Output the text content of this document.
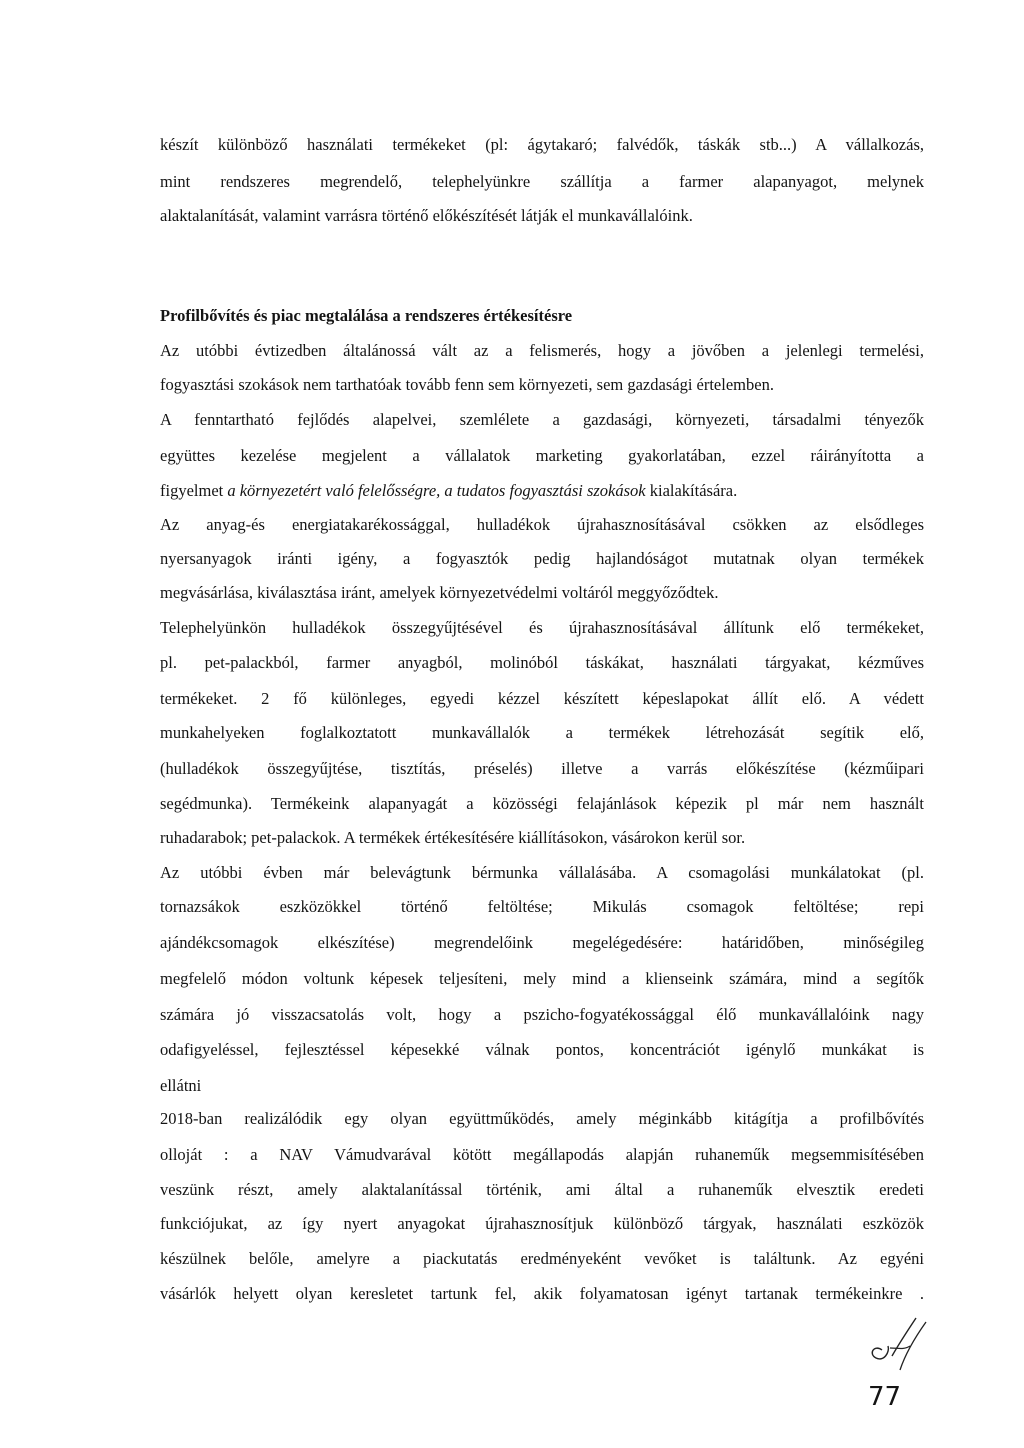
készít különböző használati termékeket (pl: ágytakaró; falvédők, táskák stb...) A vállalkozás,
mint rendszeres megrendelő, telephelyünkre szállítja a farmer alapanyagot, melynek
alaktalanítását, valamint varrásra történő előkészítését látják el munkavállalóink.
Profilbővítés és piac megtalálása a rendszeres értékesítésre
Az utóbbi évtizedben általánossá vált az a felismerés, hogy a jövőben a jelenlegi termelési,
fogyasztási szokások nem tarthatóak tovább fenn sem környezeti, sem gazdasági értelemben.
A fenntartható fejlődés alapelvei, szemlélete a gazdasági, környezeti, társadalmi tényezők
együttes kezelése megjelent a vállalatok marketing gyakorlatában, ezzel ráirányította a
figyelmet a környezetért való felelősségre, a tudatos fogyasztási szokások kialakítására.
Az anyag-és energiatakarékossággal, hulladékok újrahasznosításával csökken az elsődleges
nyersanyagok iránti igény, a fogyasztók pedig hajlandóságot mutatnak olyan termékek
megvásárlása, kiválasztása iránt, amelyek környezetvédelmi voltáról meggyőződtek.
Telephelyünkön hulladékok összegyűjtésével és újrahasznosításával állítunk elő termékeket,
pl. pet-palackból, farmer anyagból, molinóból táskákat, használati tárgyakat, kézműves
termékeket. 2 fő különleges, egyedi kézzel készített képeslapokat állít elő. A védett
munkahelyeken foglalkoztatott munkavállalók a termékek létrehozását segítik elő,
(hulladékok összegyűjtése, tisztítás, préselés) illetve a varrás előkészítése (kézműipari
segédmunka). Termékeink alapanyagát a közösségi felajánlások képezik pl már nem használt
ruhadarabok; pet-palackok. A termékek értékesítésére kiállításokon, vásárokon kerül sor.
Az utóbbi évben már belevágtunk bérmunka vállalásába. A csomagolási munkálatokat (pl.
tornazsákok eszközökkel történő feltöltése; Mikulás csomagok feltöltése; repi
ajándékcsomagok elkészítése) megrendelőink megelégedésére: határidőben, minőségileg
megfelelő módon voltunk képesek teljesíteni, mely mind a klienseink számára, mind a segítők
számára jó visszacsatolás volt, hogy a pszicho-fogyatékossággal élő munkavállalóink nagy
odafigyeléssel, fejlesztéssel képesekké válnak pontos, koncentrációt igénylő munkákat is
ellátni
2018-ban realizálódik egy olyan együttműködés, amely méginkább kitágítja a profilbővítés
olloját : a NAV Vámudvarával kötött megállapodás alapján ruhaneműk megsemmisítésében
veszünk részt, amely alaktalanítással történik, ami által a ruhaneműk elvesztik eredeti
funkciójukat, az így nyert anyagokat újrahasznosítjuk különböző tárgyak, használati eszközök
készülnek belőle, amelyre a piackutatás eredményeként vevőket is találtunk. Az egyéni
vásárlók helyett olyan keresletet tartunk fel, akik folyamatosan igényt tartanak termékeinkre .
77
